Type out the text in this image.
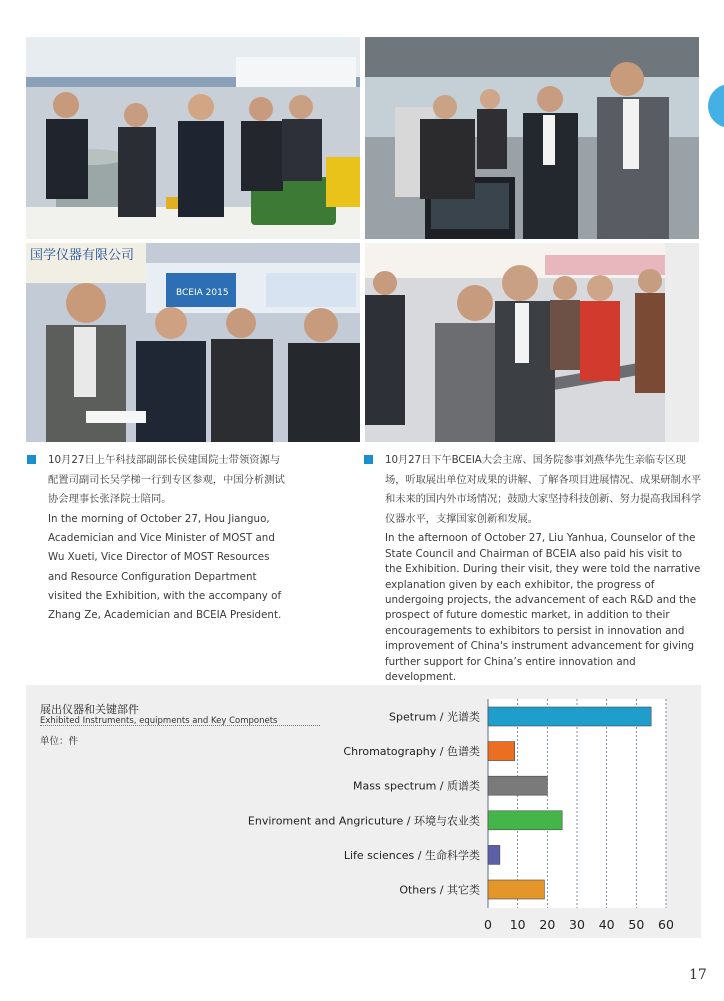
国学仪器有限公司
BCEIA 2015

10月27日上午科技部副部长侯建国院士带领资源与配置司副司长吴学梯一行到专区参观，中国分析测试协会理事长张泽院士陪同。

In the morning of October 27, Hou Jianguo, Academician and Vice Minister of MOST and Wu Xueti, Vice Director of MOST Resources and Resource Configuration Department visited the Exhibition, with the accompany of Zhang Ze, Academician and BCEIA President.

10月27日下午BCEIA大会主席、国务院参事刘燕华先生亲临专区现场，听取展出单位对成果的讲解、了解各项目进展情况、成果研制水平和未来的国内外市场情况；鼓励大家坚持科技创新、努力提高我国科学仪器水平，支撑国家创新和发展。

In the afternoon of October 27, Liu Yanhua, Counselor of the State Council and Chairman of BCEIA also paid his visit to the Exhibition. During their visit, they were told the narrative explanation given by each exhibitor, the progress of undergoing projects, the advancement of each R&D and the prospect of future domestic market, in addition to their encouragements to exhibitors to persist in innovation and improvement of China's instrument advancement for giving further support for China’s entire innovation and development.

展出仪器和关键部件
Exhibited Instruments, equipments and Key Componets
单位：件
Spetrum / 光谱类
Chromatography / 色谱类
Mass spectrum / 质谱类
Enviroment and Angricuture / 环境与农业类
Life sciences / 生命科学类
Others / 其它类
0 10 20 30 40 50 60
17
